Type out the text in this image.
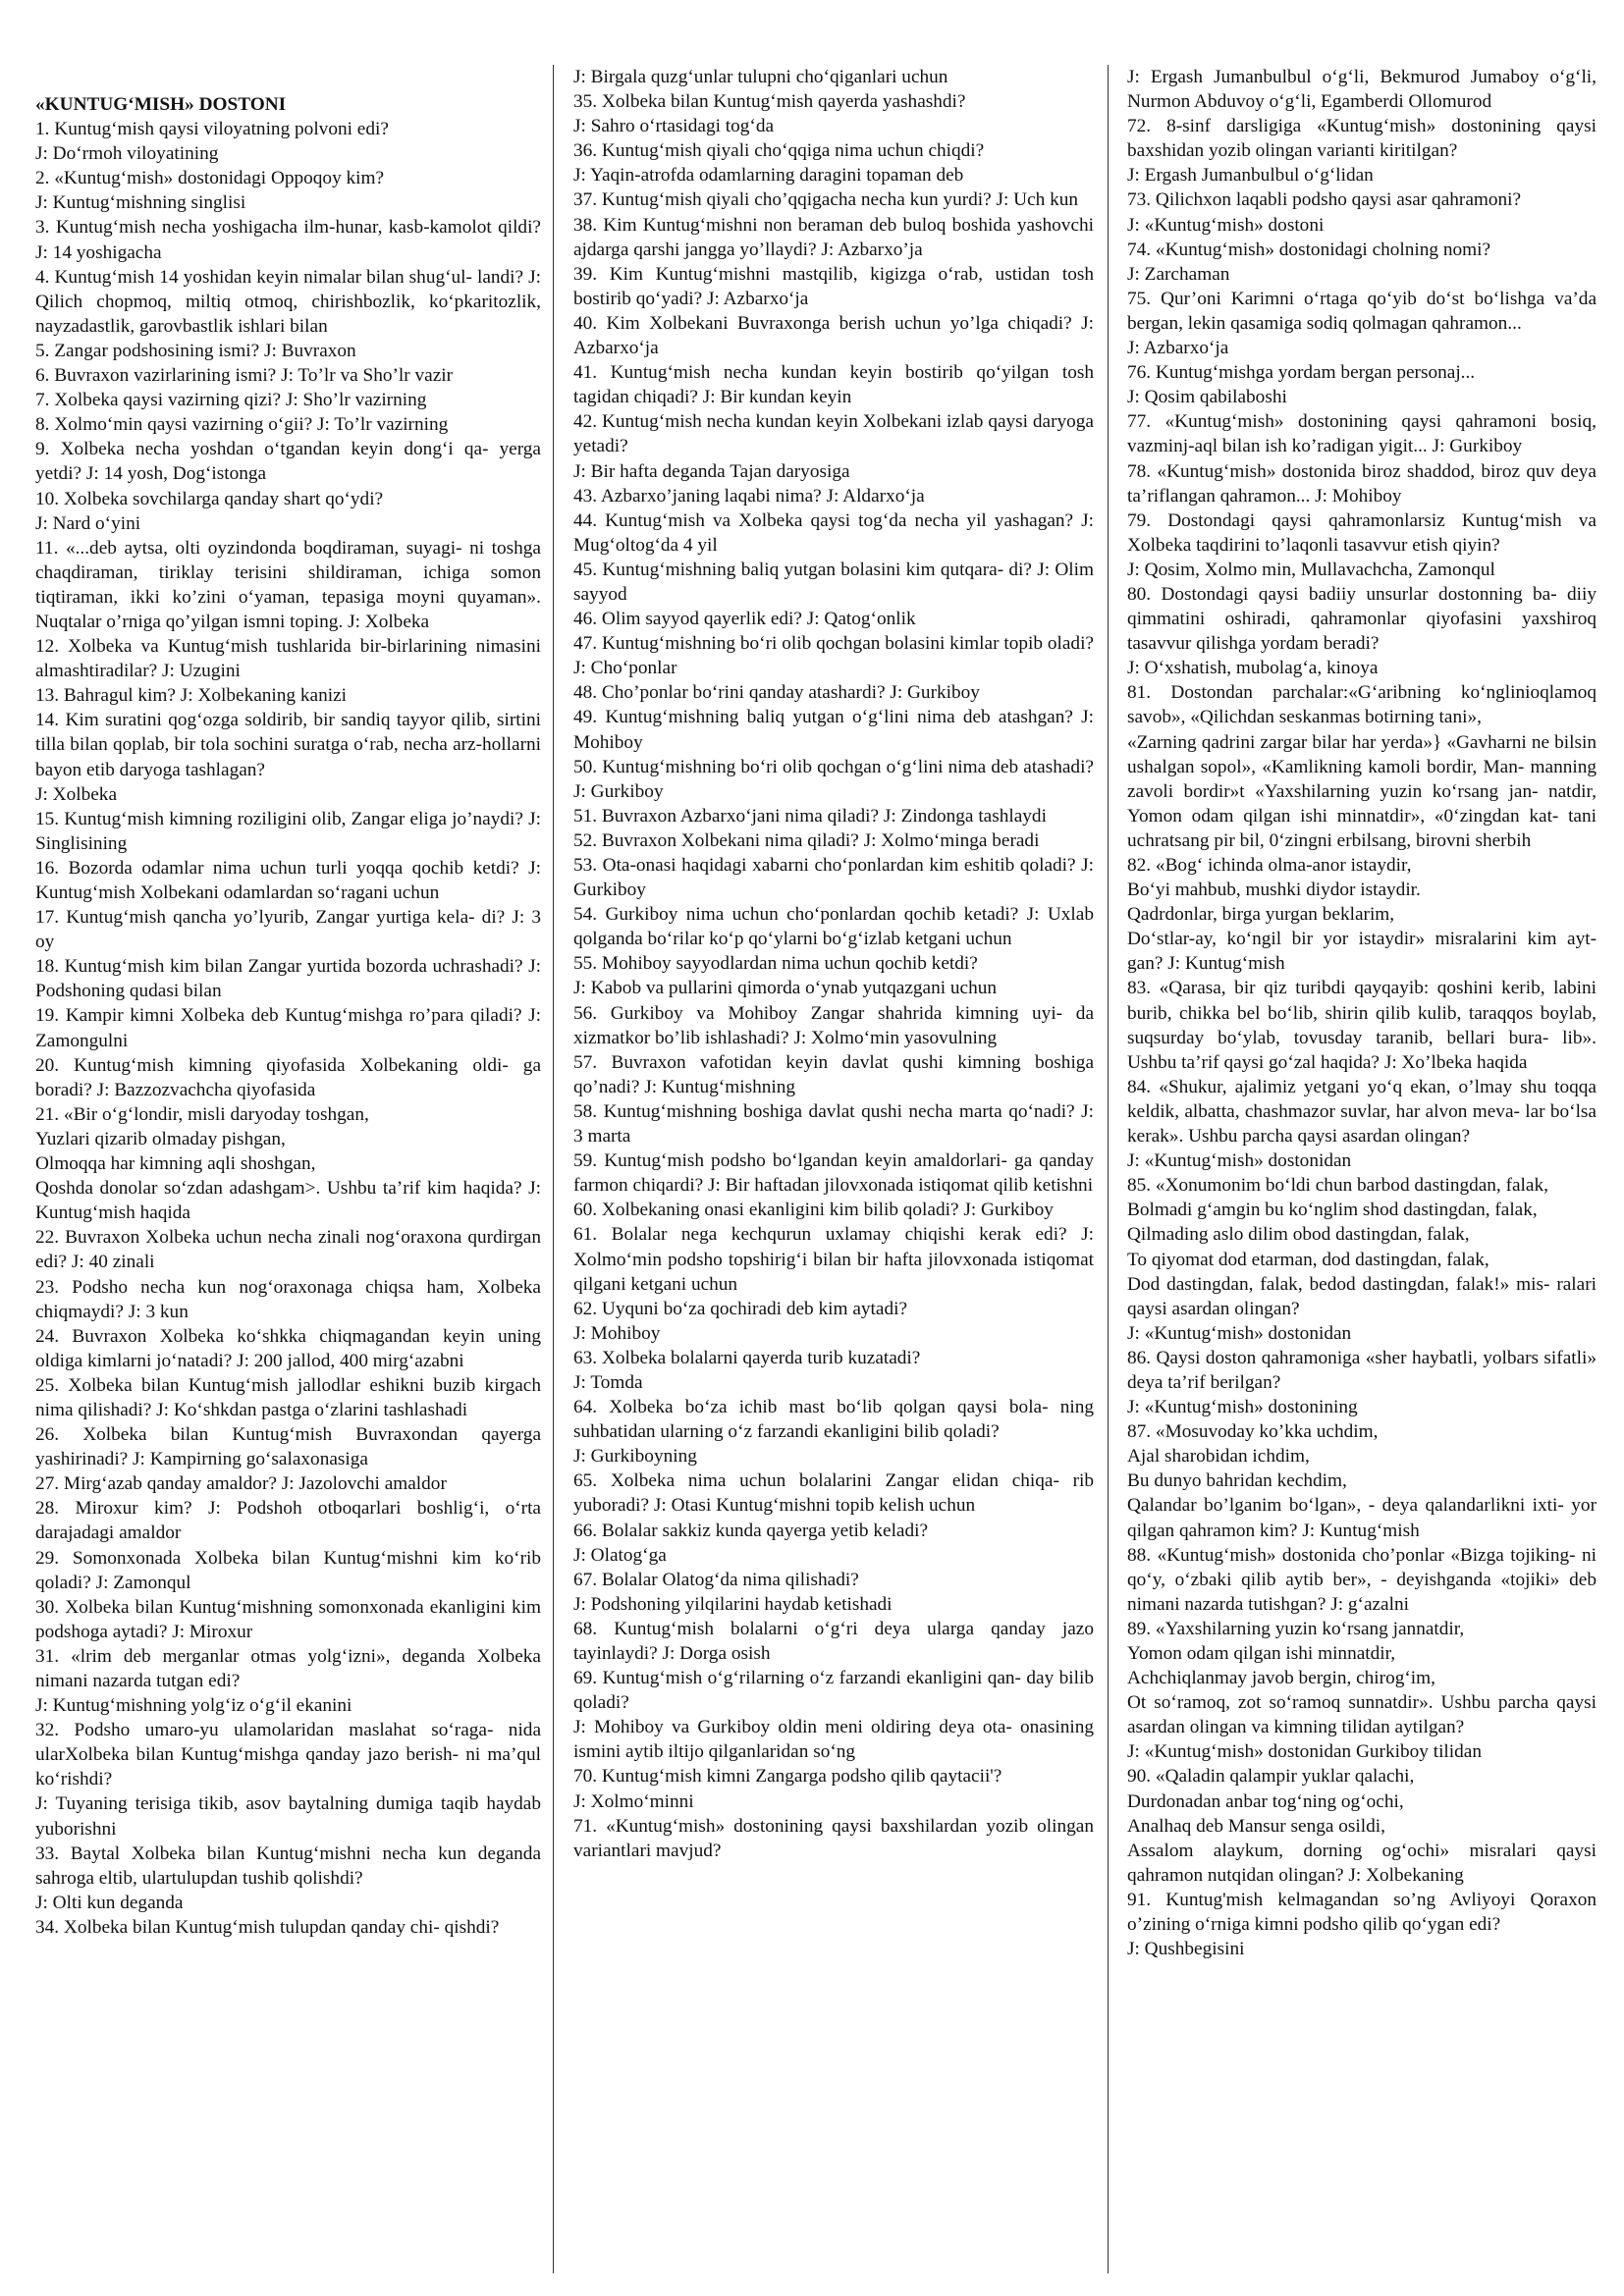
«KUNTUG‘MISH» DOSTONI
1. Kuntug‘mish qaysi viloyatning polvoni edi?
J: Do‘rmoh viloyatining
2. «Kuntug‘mish» dostonidagi Oppoqoy kim?
J: Kuntug‘mishning singlisi
3. Kuntug‘mish necha yoshigacha ilm-hunar, kasb-kamolot qildi? J: 14 yoshigacha
4. Kuntug‘mish 14 yoshidan keyin nimalar bilan shug‘ul- landi? J: Qilich chopmoq, miltiq otmoq, chirishbozlik, ko‘pkaritozlik, nayzadastlik, garovbastlik ishlari bilan
5. Zangar podshosining ismi? J: Buvraxon
6. Buvraxon vazirlarining ismi? J: To’lr va Sho’lr vazir
7. Xolbeka qaysi vazirning qizi? J: Sho’lr vazirning
8. Xolmo‘min qaysi vazirning o‘gii? J: To’lr vazirning
9. Xolbeka necha yoshdan o‘tgandan keyin dong‘i qa- yerga yetdi? J: 14 yosh, Dog‘istonga
10. Xolbeka sovchilarga qanday shart qo‘ydi?
J: Nard o‘yini
11. «...deb aytsa, olti oyzindonda boqdiraman, suyagi- ni toshga chaqdiraman, tiriklay terisini shildiraman, ichiga somon tiqtiraman, ikki ko’zini o‘yaman, tepasiga moyni quyaman». Nuqtalar o’rniga qo’yilgan ismni toping. J: Xolbeka
12. Xolbeka va Kuntug‘mish tushlarida bir-birlarining nimasini almashtiradilar? J: Uzugini
13. Bahragul kim? J: Xolbekaning kanizi
14. Kim suratini qog‘ozga soldirib, bir sandiq tayyor qilib, sirtini tilla bilan qoplab, bir tola sochini suratga o‘rab, necha arz-hollarni bayon etib daryoga tashlagan?
J: Xolbeka
15. Kuntug‘mish kimning roziligini olib, Zangar eliga jo’naydi? J: Singlisining
16. Bozorda odamlar nima uchun turli yoqqa qochib ketdi? J: Kuntug‘mish Xolbekani odamlardan so‘ragani uchun
17. Kuntug‘mish qancha yo’lyurib, Zangar yurtiga kela- di? J: 3 oy
18. Kuntug‘mish kim bilan Zangar yurtida bozorda uchrashadi? J: Podshoning qudasi bilan
19. Kampir kimni Xolbeka deb Kuntug‘mishga ro’para qiladi? J: Zamongulni
20. Kuntug‘mish kimning qiyofasida Xolbekaning oldi- ga boradi? J: Bazzozvachcha qiyofasida
21. «Bir o‘g‘londir, misli daryoday toshgan,
Yuzlari qizarib olmaday pishgan,
Olmoqqa har kimning aqli shoshgan,
Qoshda donolar so‘zdan adashgam>. Ushbu ta’rif kim haqida? J: Kuntug‘mish haqida
22. Buvraxon Xolbeka uchun necha zinali nog‘oraxona qurdirgan edi? J: 40 zinali
23. Podsho necha kun nog‘oraxonaga chiqsa ham, Xolbeka chiqmaydi? J: 3 kun
24. Buvraxon Xolbeka ko‘shkka chiqmagandan keyin uning oldiga kimlarni jo‘natadi? J: 200 jallod, 400 mirg‘azabni
25. Xolbeka bilan Kuntug‘mish jallodlar eshikni buzib kirgach nima qilishadi? J: Ko‘shkdan pastga o‘zlarini tashlashadi
26. Xolbeka bilan Kuntug‘mish Buvraxondan qayerga yashirinadi? J: Kampirning go‘salaxonasiga
27. Mirg‘azab qanday amaldor? J: Jazolovchi amaldor
28. Miroxur kim? J: Podshoh otboqarlari boshlig‘i, o‘rta darajadagi amaldor
29. Somonxonada Xolbeka bilan Kuntug‘mishni kim ko‘rib qoladi? J: Zamonqul
30. Xolbeka bilan Kuntug‘mishning somonxonada ekanligini kim podshoga aytadi? J: Miroxur
31. «lrim deb merganlar otmas yolg‘izni», deganda Xolbeka nimani nazarda tutgan edi?
J: Kuntug‘mishning yolg‘iz o‘g‘il ekanini
32. Podsho umaro-yu ulamolaridan maslahat so‘raga- nida ularXolbeka bilan Kuntug‘mishga qanday jazo berish- ni ma’qul ko‘rishdi?
J: Tuyaning terisiga tikib, asov baytalning dumiga taqib haydab yuborishni
33. Baytal Xolbeka bilan Kuntug‘mishni necha kun deganda sahroga eltib, ulartulupdan tushib qolishdi?
J: Olti kun deganda
34. Xolbeka bilan Kuntug‘mish tulupdan qanday chi- qishdi?
J: Birgala quzg‘unlar tulupni cho‘qiganlari uchun
35. Xolbeka bilan Kuntug‘mish qayerda yashashdi?
J: Sahro o‘rtasidagi tog‘da
36. Kuntug‘mish qiyali cho‘qqiga nima uchun chiqdi?
J: Yaqin-atrofda odamlarning daragini topaman deb
37. Kuntug‘mish qiyali cho’qqigacha necha kun yurdi? J: Uch kun
38. Kim Kuntug‘mishni non beraman deb buloq boshida yashovchi ajdarga qarshi jangga yo’llaydi? J: Azbarxo’ja
39. Kim Kuntug‘mishni mastqilib, kigizga o‘rab, ustidan tosh bostirib qo‘yadi? J: Azbarxo‘ja
40. Kim Xolbekani Buvraxonga berish uchun yo’lga chiqadi? J: Azbarxo‘ja
41. Kuntug‘mish necha kundan keyin bostirib qo‘yilgan tosh tagidan chiqadi? J: Bir kundan keyin
42. Kuntug‘mish necha kundan keyin Xolbekani izlab qaysi daryoga yetadi?
J: Bir hafta deganda Tajan daryosiga
43. Azbarxo’janing laqabi nima? J: Aldarxo‘ja
44. Kuntug‘mish va Xolbeka qaysi tog‘da necha yil yashagan? J: Mug‘oltog‘da 4 yil
45. Kuntug‘mishning baliq yutgan bolasini kim qutqara- di? J: Olim sayyod
46. Olim sayyod qayerlik edi? J: Qatog‘onlik
47. Kuntug‘mishning bo‘ri olib qochgan bolasini kimlar topib oladi? J: Cho‘ponlar
48. Cho’ponlar bo‘rini qanday atashardi? J: Gurkiboy
49. Kuntug‘mishning baliq yutgan o‘g‘lini nima deb atashgan? J: Mohiboy
50. Kuntug‘mishning bo‘ri olib qochgan o‘g‘lini nima deb atashadi? J: Gurkiboy
51. Buvraxon Azbarxo‘jani nima qiladi? J: Zindonga tashlaydi
52. Buvraxon Xolbekani nima qiladi? J: Xolmo‘minga beradi
53. Ota-onasi haqidagi xabarni cho‘ponlardan kim eshitib qoladi? J: Gurkiboy
54. Gurkiboy nima uchun cho‘ponlardan qochib ketadi? J: Uxlab qolganda bo‘rilar ko‘p qo‘ylarni bo‘g‘izlab ketgani uchun
55. Mohiboy sayyodlardan nima uchun qochib ketdi?
J: Kabob va pullarini qimorda o‘ynab yutqazgani uchun
56. Gurkiboy va Mohiboy Zangar shahrida kimning uyi- da xizmatkor bo’lib ishlashadi? J: Xolmo‘min yasovulning
57. Buvraxon vafotidan keyin davlat qushi kimning boshiga qo’nadi? J: Kuntug‘mishning
58. Kuntug‘mishning boshiga davlat qushi necha marta qo‘nadi? J: 3 marta
59. Kuntug‘mish podsho bo‘lgandan keyin amaldorlari- ga qanday farmon chiqardi? J: Bir haftadan jilovxonada istiqomat qilib ketishni
60. Xolbekaning onasi ekanligini kim bilib qoladi? J: Gurkiboy
61. Bolalar nega kechqurun uxlamay chiqishi kerak edi? J: Xolmo‘min podsho topshirig‘i bilan bir hafta jilovxonada istiqomat qilgani ketgani uchun
62. Uyquni bo‘za qochiradi deb kim aytadi?
J: Mohiboy
63. Xolbeka bolalarni qayerda turib kuzatadi?
J: Tomda
64. Xolbeka bo‘za ichib mast bo‘lib qolgan qaysi bola- ning suhbatidan ularning o‘z farzandi ekanligini bilib qoladi?
J: Gurkiboyning
65. Xolbeka nima uchun bolalarini Zangar elidan chiqa- rib yuboradi? J: Otasi Kuntug‘mishni topib kelish uchun
66. Bolalar sakkiz kunda qayerga yetib keladi?
J: Olatog‘ga
67. Bolalar Olatog‘da nima qilishadi?
J: Podshoning yilqilarini haydab ketishadi
68. Kuntug‘mish bolalarni o‘g‘ri deya ularga qanday jazo tayinlaydi? J: Dorga osish
69. Kuntug‘mish o‘g‘rilarning o‘z farzandi ekanligini qan- day bilib qoladi?
J: Mohiboy va Gurkiboy oldin meni oldiring deya ota- onasining ismini aytib iltijo qilganlaridan so‘ng
70. Kuntug‘mish kimni Zangarga podsho qilib qaytacii'?
J: Xolmo‘minni
71. «Kuntug‘mish» dostonining qaysi baxshilardan yozib olingan variantlari mavjud?
J: Ergash Jumanbulbul o‘g‘li, Bekmurod Jumaboy o‘g‘li, Nurmon Abduvoy o‘g‘li, Egamberdi Ollomurod
72. 8-sinf darsligiga «Kuntug‘mish» dostonining qaysi baxshidan yozib olingan varianti kiritilgan?
J: Ergash Jumanbulbul o‘g‘lidan
73. Qilichxon laqabli podsho qaysi asar qahramoni?
J: «Kuntug‘mish» dostoni
74. «Kuntug‘mish» dostonidagi cholning nomi?
J: Zarchaman
75. Qur’oni Karimni o‘rtaga qo‘yib do‘st bo‘lishga va’da bergan, lekin qasamiga sodiq qolmagan qahramon...
J: Azbarxo‘ja
76. Kuntug‘mishga yordam bergan personaj...
J: Qosim qabilaboshi
77. «Kuntug‘mish» dostonining qaysi qahramoni bosiq, vazminj-aql bilan ish ko’radigan yigit... J: Gurkiboy
78. «Kuntug‘mish» dostonida biroz shaddod, biroz quv deya ta’riflangan qahramon... J: Mohiboy
79. Dostondagi qaysi qahramonlarsiz Kuntug‘mish va Xolbeka taqdirini to’laqonli tasavvur etish qiyin?
J: Qosim, Xolmo min, Mullavachcha, Zamonqul
80. Dostondagi qaysi badiiy unsurlar dostonning ba- diiy qimmatini oshiradi, qahramonlar qiyofasini yaxshiroq tasavvur qilishga yordam beradi?
J: O‘xshatish, mubolag‘a, kinoya
81. Dostondan parchalar:«G‘aribning ko‘nglinioqlamoq savob», «Qilichdan seskanmas botirning tani»,
«Zarning qadrini zargar bilar har yerda»} «Gavharni ne bilsin ushalgan sopol», «Kamlikning kamoli bordir, Man- manning zavoli bordir»t «Yaxshilarning yuzin ko‘rsang jan- natdir, Yomon odam qilgan ishi minnatdir», «0‘zingdan kat- tani uchratsang pir bil, 0‘zingni erbilsang, birovni sherbih
82. «Bog‘ ichinda olma-anor istaydir,
Bo‘yi mahbub, mushki diydor istaydir.
Qadrdonlar, birga yurgan beklarim,
Do‘stlar-ay, ko‘ngil bir yor istaydir» misralarini kim ayt- gan? J: Kuntug‘mish
83. «Qarasa, bir qiz turibdi qayqayib: qoshini kerib, labini burib, chikka bel bo‘lib, shirin qilib kulib, taraqqos boylab, suqsurday bo‘ylab, tovusday taranib, bellari bura- lib». Ushbu ta’rif qaysi go‘zal haqida? J: Xo’lbeka haqida
84. «Shukur, ajalimiz yetgani yo‘q ekan, o’lmay shu toqqa keldik, albatta, chashmazor suvlar, har alvon meva- lar bo‘lsa kerak». Ushbu parcha qaysi asardan olingan?
J: «Kuntug‘mish» dostonidan
85. «Xonumonim bo‘ldi chun barbod dastingdan, falak,
Bolmadi g‘amgin bu ko‘nglim shod dastingdan, falak,
Qilmading aslo dilim obod dastingdan, falak,
To qiyomat dod etarman, dod dastingdan, falak,
Dod dastingdan, falak, bedod dastingdan, falak!» mis- ralari qaysi asardan olingan?
J: «Kuntug‘mish» dostonidan
86. Qaysi doston qahramoniga «sher haybatli, yolbars sifatli» deya ta’rif berilgan?
J: «Kuntug‘mish» dostonining
87. «Mosuvoday ko’kka uchdim,
Ajal sharobidan ichdim,
Bu dunyo bahridan kechdim,
Qalandar bo’lganim bo‘lgan», - deya qalandarlikni ixti- yor qilgan qahramon kim? J: Kuntug‘mish
88. «Kuntug‘mish» dostonida cho’ponlar «Bizga tojiking- ni qo‘y, o‘zbaki qilib aytib ber», - deyishganda «tojiki» deb nimani nazarda tutishgan? J: g‘azalni
89. «Yaxshilarning yuzin ko‘rsang jannatdir,
Yomon odam qilgan ishi minnatdir,
Achchiqlanmay javob bergin, chirog‘im,
Ot so‘ramoq, zot so‘ramoq sunnatdir». Ushbu parcha qaysi asardan olingan va kimning tilidan aytilgan?
J: «Kuntug‘mish» dostonidan Gurkiboy tilidan
90. «Qaladin qalampir yuklar qalachi,
Durdonadan anbar tog‘ning og‘ochi,
Analhaq deb Mansur senga osildi,
Assalom alaykum, dorning og‘ochi» misralari qaysi qahramon nutqidan olingan? J: Xolbekaning
91. Kuntug'mish kelmagandan so’ng Avliyoyi Qoraxon o’zining o‘rniga kimni podsho qilib qo‘ygan edi?
J: Qushbegisini
